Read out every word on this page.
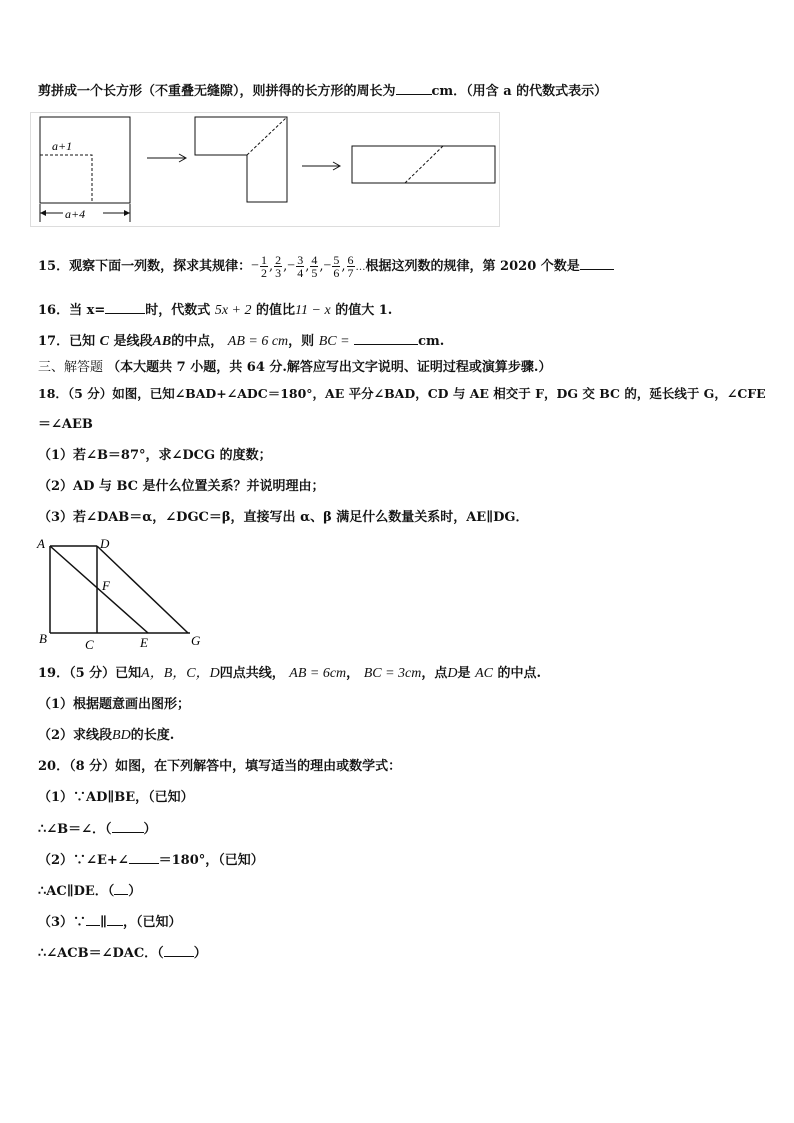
剪拼成一个长方形（不重叠无缝隙），则拼得的长方形的周长为	cm．（用含 a 的代数式表示）
a+1
a+4
15．观察下面一列数，探求其规律：− $\frac{1}{2}$ , $\frac{2}{3}$ ,− $\frac{3}{4}$ , $\frac{4}{5}$ ,− $\frac{5}{6}$ , $\frac{6}{7}$ …根据这列数的规律，第 2020 个数是
16．当 x=	时，代数式 5x + 2 的值比11 − x 的值大 1.
17．已知 C 是线段AB的中点， AB = 6 cm，则 BC =	cm.
三、解答题 （本大题共 7 小题，共 64 分.解答应写出文字说明、证明过程或演算步骤.）
18．（5 分）如图，已知∠BAD+∠ADC＝180°，AE 平分∠BAD，CD 与 AE 相交于 F，DG 交 BC 的，延长线于 G，∠CFE
＝∠AEB
（1）若∠B＝87°，求∠DCG 的度数；
（2）AD 与 BC 是什么位置关系？并说明理由；
（3）若∠DAB＝α，∠DGC＝β，直接写出 α、β 满足什么数量关系时，AE∥DG．
A	D
F
B	C	E	G
19．（5 分）已知A，B，C，D四点共线， AB = 6cm， BC = 3cm，点D是 AC 的中点.
（1）根据题意画出图形；
（2）求线段BD的长度.
20．（8 分）如图，在下列解答中，填写适当的理由或数学式：
（1）∵AD∥BE，（已知）
∴∠B＝∠．（ ）
（2）∵∠E+∠ ＝180°，（已知）
∴AC∥DE．（ ）
（3）∵ ∥ ，（已知）
∴∠ACB＝∠DAC．（ ）
